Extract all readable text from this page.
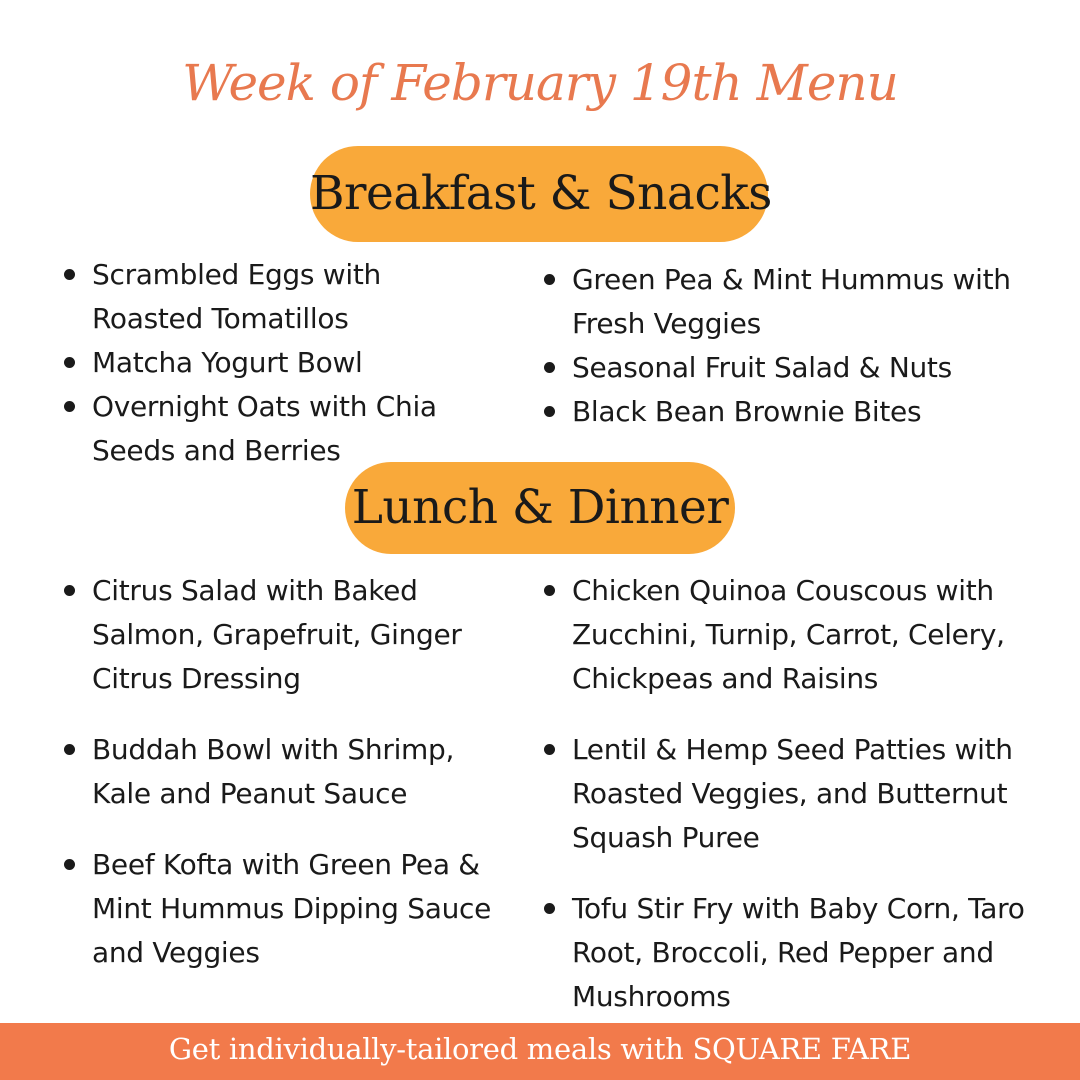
Week of February 19th Menu
Breakfast & Snacks
Scrambled Eggs with Roasted Tomatillos
Matcha Yogurt Bowl
Overnight Oats with Chia Seeds and Berries
Green Pea & Mint Hummus with Fresh Veggies
Seasonal Fruit Salad & Nuts
Black Bean Brownie Bites
Lunch & Dinner
Citrus Salad with Baked Salmon, Grapefruit, Ginger Citrus Dressing
Buddah Bowl with Shrimp, Kale and Peanut Sauce
Beef Kofta with Green Pea & Mint Hummus Dipping Sauce and Veggies
Chicken Quinoa Couscous with Zucchini, Turnip, Carrot, Celery, Chickpeas and Raisins
Lentil & Hemp Seed Patties with Roasted Veggies, and Butternut Squash Puree
Tofu Stir Fry with Baby Corn, Taro Root, Broccoli, Red Pepper and Mushrooms
Get individually-tailored meals with SQUARE FARE
